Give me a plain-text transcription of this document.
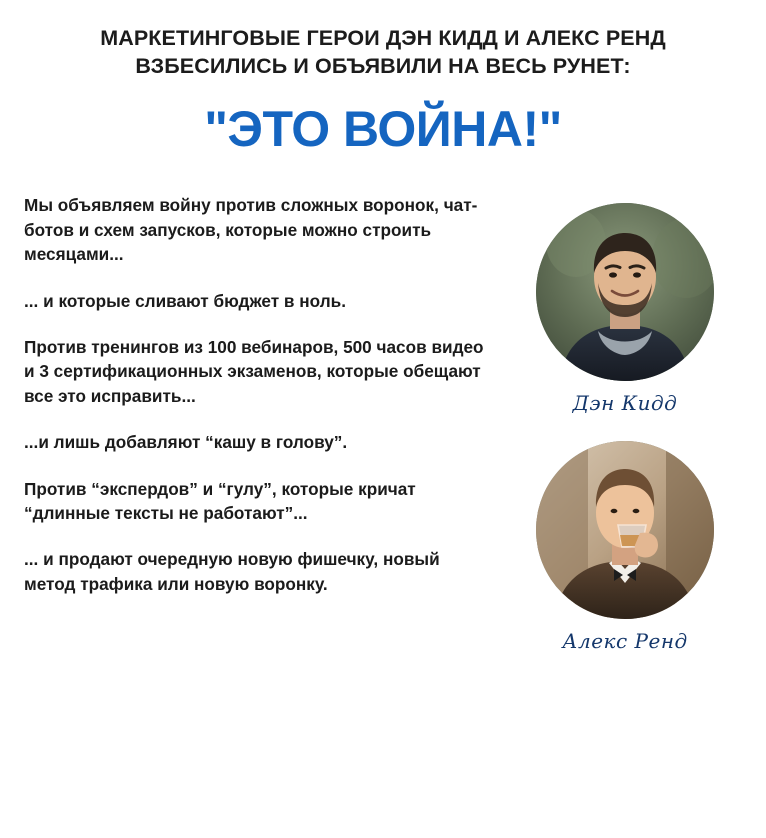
МАРКЕТИНГОВЫЕ ГЕРОИ ДЭН КИДД И АЛЕКС РЕНД
ВЗБЕСИЛИСЬ И ОБЪЯВИЛИ НА ВЕСЬ РУНЕТ:
"ЭТО ВОЙНА!"

Мы объявляем войну против сложных воронок, чат-ботов и схем запусков, которые можно строить месяцами...

... и которые сливают бюджет в ноль.

Против тренингов из 100 вебинаров, 500 часов видео и 3 сертификационных экзаменов, которые обещают все это исправить...

...и лишь добавляют “кашу в голову”.

Против “экспердов” и “гулу”, которые кричат “длинные тексты не работают”...

... и продают очередную новую фишечку, новый метод трафика или новую воронку.

Дэн Кидд
Алекс Ренд
